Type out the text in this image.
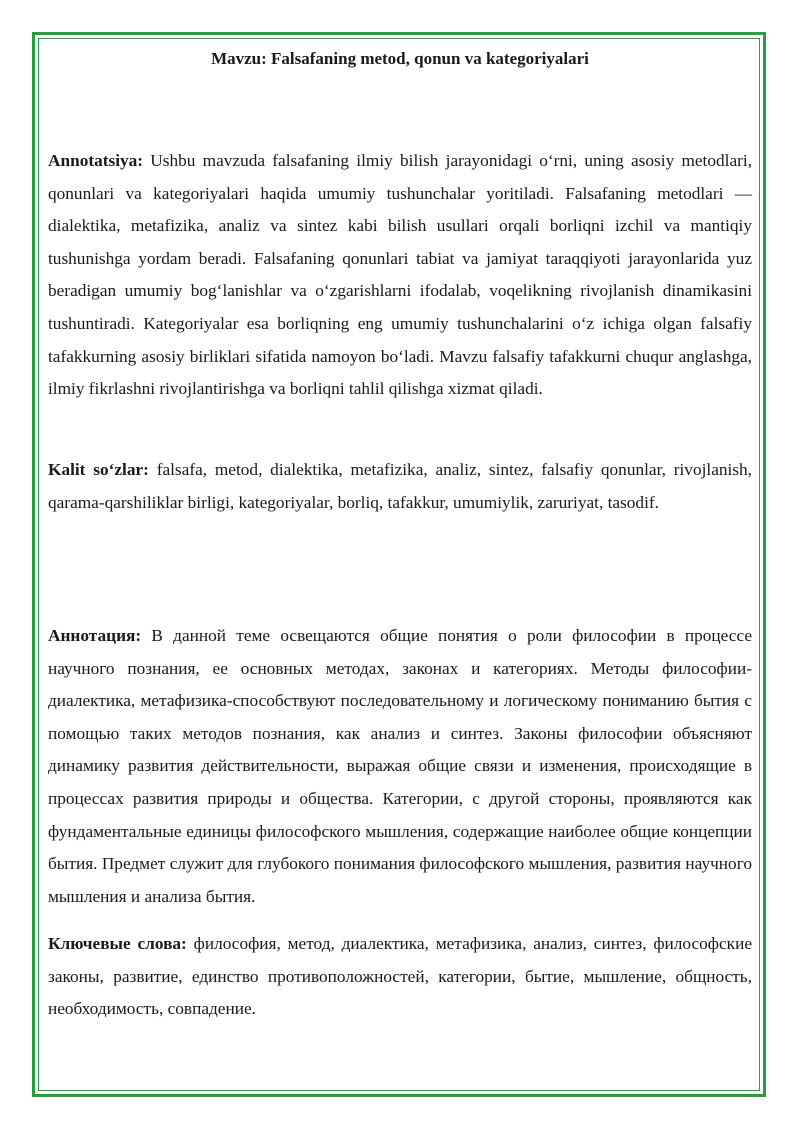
Mavzu: Falsafaning metod, qonun va kategoriyalari

Annotatsiya: Ushbu mavzuda falsafaning ilmiy bilish jarayonidagi oʻrni, uning asosiy metodlari, qonunlari va kategoriyalari haqida umumiy tushunchalar yoritiladi. Falsafaning metodlari — dialektika, metafizika, analiz va sintez kabi bilish usullari orqali borliqni izchil va mantiqiy tushunishga yordam beradi. Falsafaning qonunlari tabiat va jamiyat taraqqiyoti jarayonlarida yuz beradigan umumiy bogʻlanishlar va oʻzgarishlarni ifodalab, voqelikning rivojlanish dinamikasini tushuntiradi. Kategoriyalar esa borliqning eng umumiy tushunchalarini oʻz ichiga olgan falsafiy tafakkurning asosiy birliklari sifatida namoyon boʻladi. Mavzu falsafiy tafakkurni chuqur anglashga, ilmiy fikrlashni rivojlantirishga va borliqni tahlil qilishga xizmat qiladi.

Kalit soʻzlar: falsafa, metod, dialektika, metafizika, analiz, sintez, falsafiy qonunlar, rivojlanish, qarama-qarshiliklar birligi, kategoriyalar, borliq, tafakkur, umumiylik, zaruriyat, tasodif.

Аннотация: В данной теме освещаются общие понятия о роли философии в процессе научного познания, ее основных методах, законах и категориях. Методы философии-диалектика, метафизика-способствуют последовательному и логическому пониманию бытия с помощью таких методов познания, как анализ и синтез. Законы философии объясняют динамику развития действительности, выражая общие связи и изменения, происходящие в процессах развития природы и общества. Категории, с другой стороны, проявляются как фундаментальные единицы философского мышления, содержащие наиболее общие концепции бытия. Предмет служит для глубокого понимания философского мышления, развития научного мышления и анализа бытия.

Ключевые слова: философия, метод, диалектика, метафизика, анализ, синтез, философские законы, развитие, единство противоположностей, категории, бытие, мышление, общность, необходимость, совпадение.
